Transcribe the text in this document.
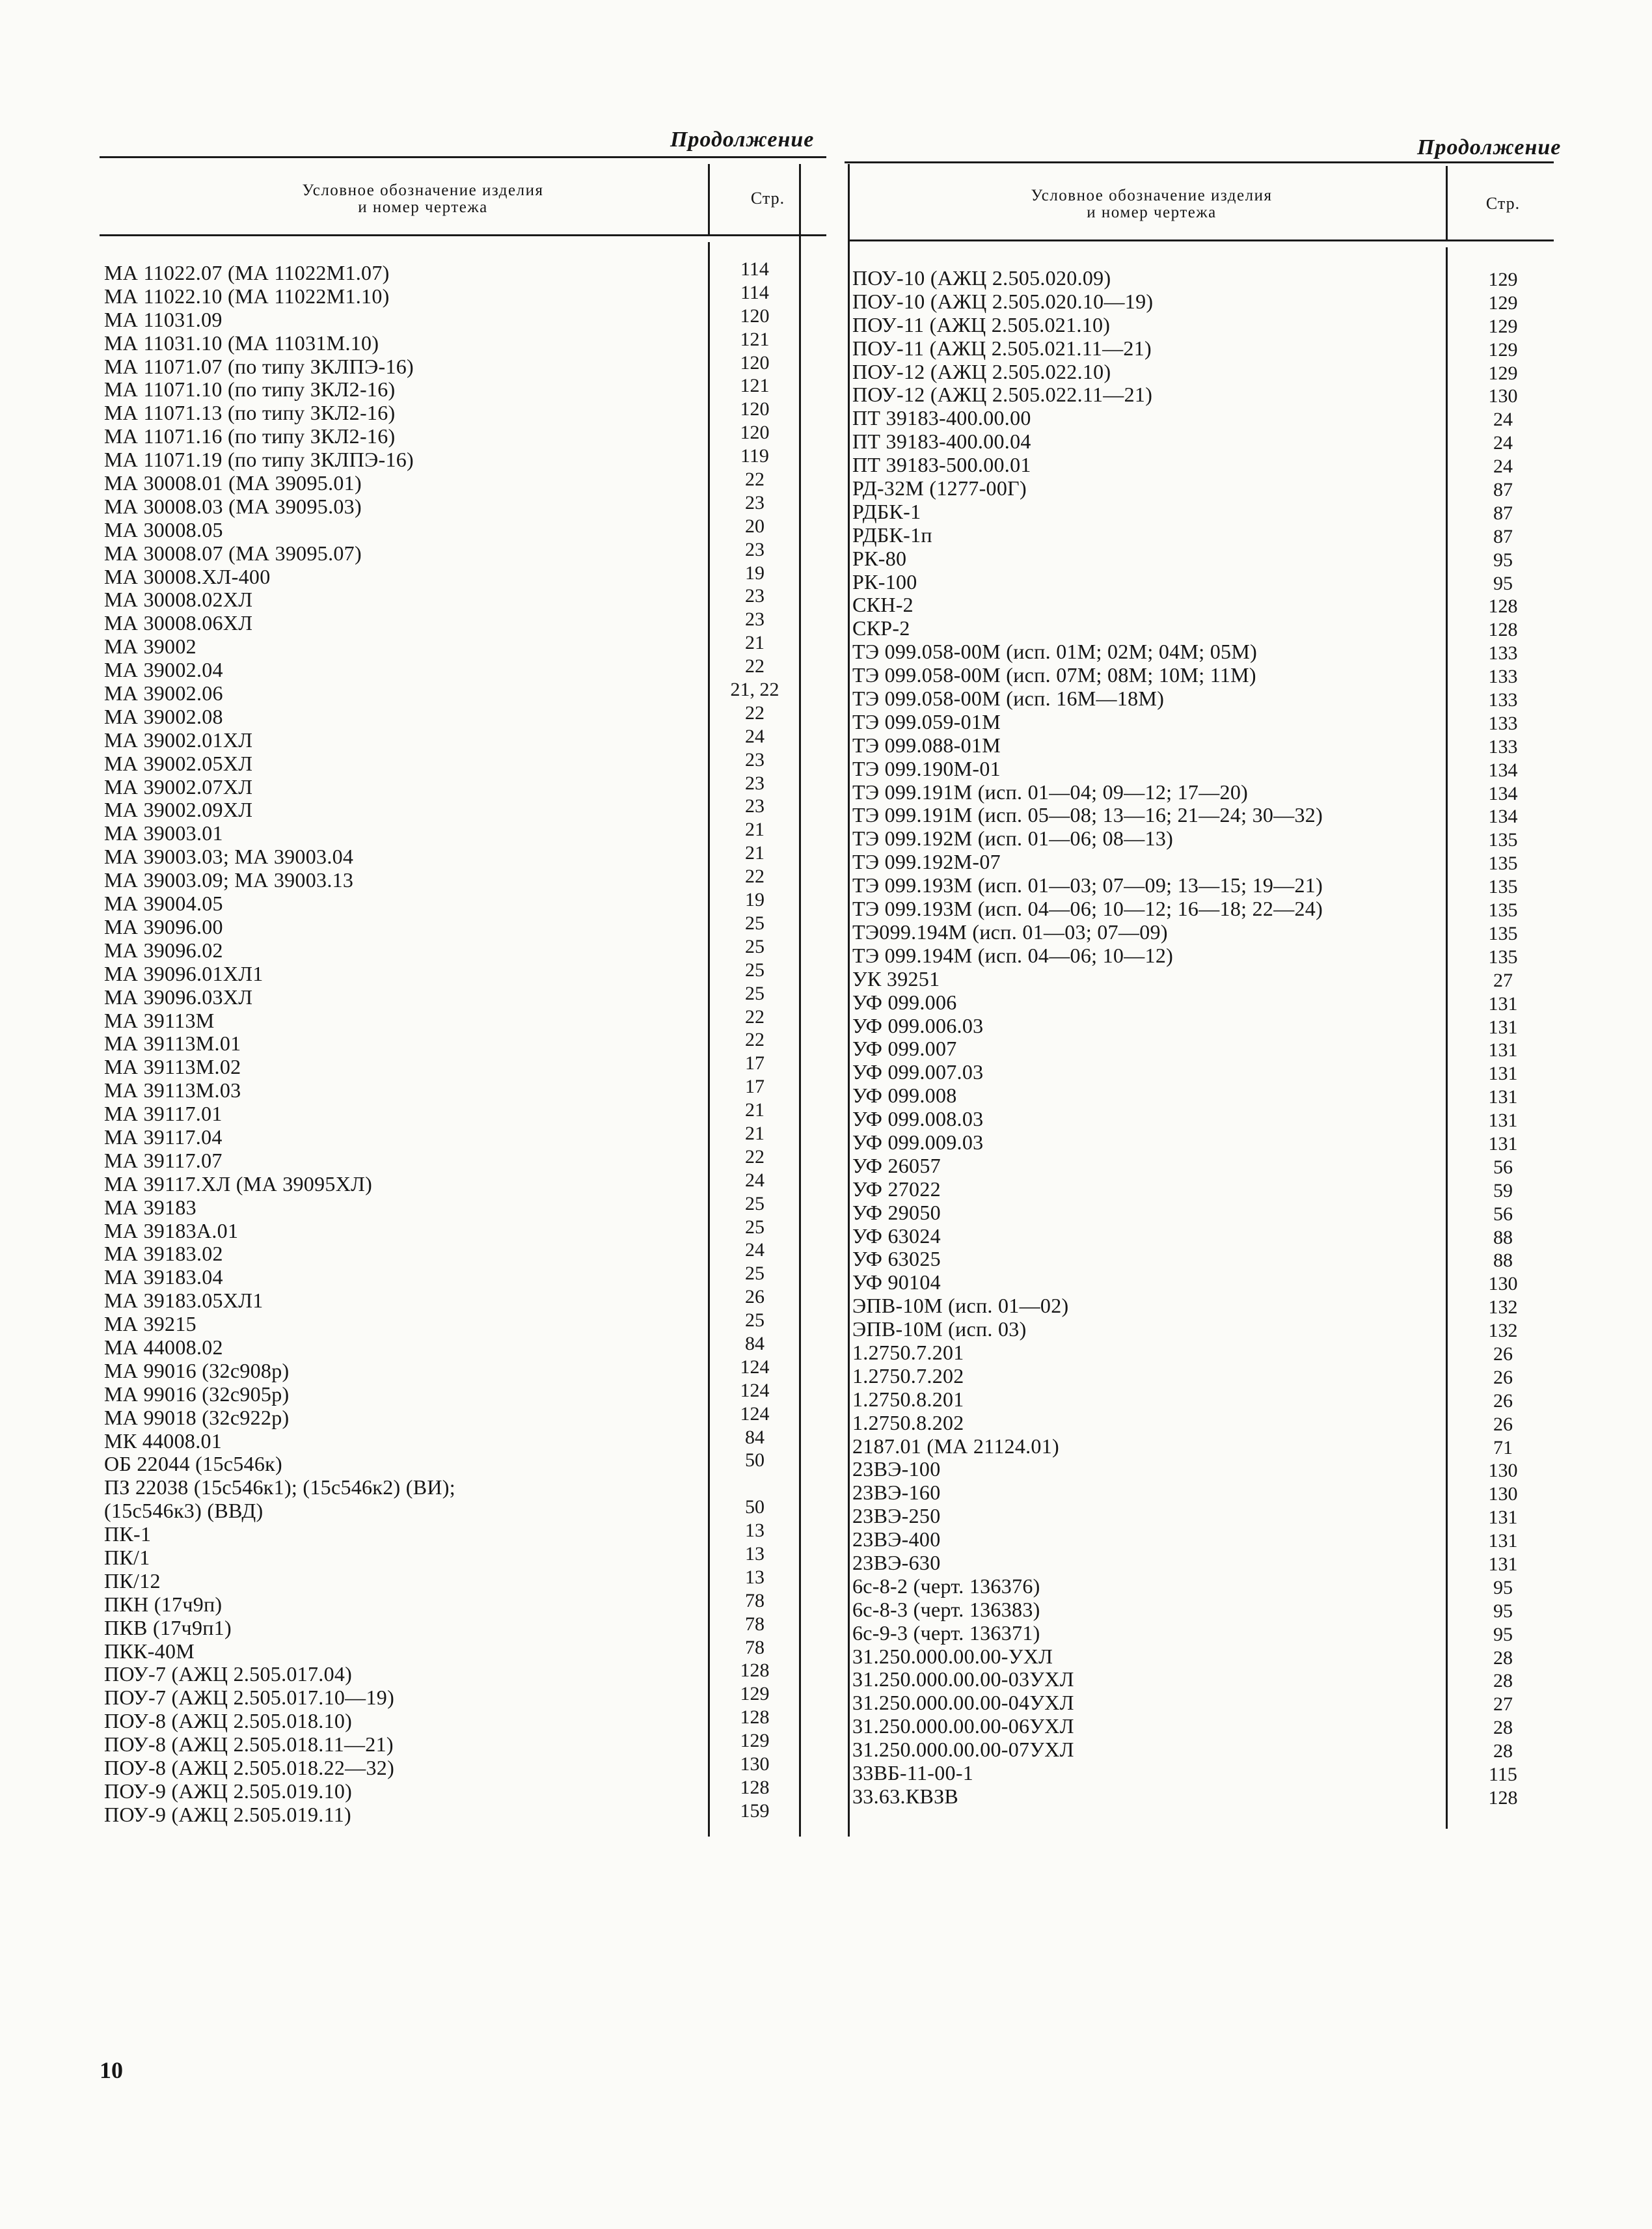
Продолжение
Условное обозначение изделия
и номер чертежа	Стр.
МА 11022.07 (МА 11022М1.07)
МА 11022.10 (МА 11022М1.10)
МА 11031.09
МА 11031.10 (МА 11031М.10)
МА 11071.07 (по типу ЗКЛПЭ-16)
МА 11071.10 (по типу ЗКЛ2-16)
МА 11071.13 (по типу ЗКЛ2-16)
МА 11071.16 (по типу ЗКЛ2-16)
МА 11071.19 (по типу ЗКЛПЭ-16)
МА 30008.01 (МА 39095.01)
МА 30008.03 (МА 39095.03)
МА 30008.05
МА 30008.07 (МА 39095.07)
МА 30008.ХЛ-400
МА 30008.02ХЛ
МА 30008.06ХЛ
МА 39002
МА 39002.04
МА 39002.06
МА 39002.08
МА 39002.01ХЛ
МА 39002.05ХЛ
МА 39002.07ХЛ
МА 39002.09ХЛ
МА 39003.01
МА 39003.03; МА 39003.04
МА 39003.09; МА 39003.13
МА 39004.05
МА 39096.00
МА 39096.02
МА 39096.01ХЛ1
МА 39096.03ХЛ
МА 39113М
МА 39113М.01
МА 39113М.02
МА 39113М.03
МА 39117.01
МА 39117.04
МА 39117.07
МА 39117.ХЛ (МА 39095ХЛ)
МА 39183
МА 39183А.01
МА 39183.02
МА 39183.04
МА 39183.05ХЛ1
МА 39215
МА 44008.02
МА 99016 (32с908р)
МА 99016 (32с905р)
МА 99018 (32с922р)
МК 44008.01
ОБ 22044 (15с546к)
ПЗ 22038 (15с546к1); (15с546к2) (ВИ);
(15с546к3) (ВВД)
ПК-1
ПК/1
ПК/12
ПКН (17ч9п)
ПКВ (17ч9п1)
ПКК-40М
ПОУ-7 (АЖЦ 2.505.017.04)
ПОУ-7 (АЖЦ 2.505.017.10—19)
ПОУ-8 (АЖЦ 2.505.018.10)
ПОУ-8 (АЖЦ 2.505.018.11—21)
ПОУ-8 (АЖЦ 2.505.018.22—32)
ПОУ-9 (АЖЦ 2.505.019.10)
ПОУ-9 (АЖЦ 2.505.019.11)
114
114
120
121
120
121
120
120
119
22
23
20
23
19
23
23
21
22
21, 22
22
24
23
23
23
21
21
22
19
25
25
25
25
22
22
17
17
21
21
22
24
25
25
24
25
26
25
84
124
124
124
84
50
50
13
13
13
78
78
78
128
129
128
129
130
128
159
Продолжение
Условное обозначение изделия
и номер чертежа	Стр.
ПОУ-10 (АЖЦ 2.505.020.09)
ПОУ-10 (АЖЦ 2.505.020.10—19)
ПОУ-11 (АЖЦ 2.505.021.10)
ПОУ-11 (АЖЦ 2.505.021.11—21)
ПОУ-12 (АЖЦ 2.505.022.10)
ПОУ-12 (АЖЦ 2.505.022.11—21)
ПТ 39183-400.00.00
ПТ 39183-400.00.04
ПТ 39183-500.00.01
РД-32М (1277-00Г)
РДБК-1
РДБК-1п
РК-80
РК-100
СКН-2
СКР-2
ТЭ 099.058-00М (исп. 01М; 02М; 04М; 05М)
ТЭ 099.058-00М (исп. 07М; 08М; 10М; 11М)
ТЭ 099.058-00М (исп. 16М—18М)
ТЭ 099.059-01М
ТЭ 099.088-01М
ТЭ 099.190М-01
ТЭ 099.191М (исп. 01—04; 09—12; 17—20)
ТЭ 099.191М (исп. 05—08; 13—16; 21—24; 30—32)
ТЭ 099.192М (исп. 01—06; 08—13)
ТЭ 099.192М-07
ТЭ 099.193М (исп. 01—03; 07—09; 13—15; 19—21)
ТЭ 099.193М (исп. 04—06; 10—12; 16—18; 22—24)
ТЭ099.194М (исп. 01—03; 07—09)
ТЭ 099.194М (исп. 04—06; 10—12)
УК 39251
УФ 099.006
УФ 099.006.03
УФ 099.007
УФ 099.007.03
УФ 099.008
УФ 099.008.03
УФ 099.009.03
УФ 26057
УФ 27022
УФ 29050
УФ 63024
УФ 63025
УФ 90104
ЭПВ-10М (исп. 01—02)
ЭПВ-10М (исп. 03)
1.2750.7.201
1.2750.7.202
1.2750.8.201
1.2750.8.202
2187.01 (МА 21124.01)
23ВЭ-100
23ВЭ-160
23ВЭ-250
23ВЭ-400
23ВЭ-630
6с-8-2 (черт. 136376)
6с-8-3 (черт. 136383)
6с-9-3 (черт. 136371)
31.250.000.00.00-УХЛ
31.250.000.00.00-03УХЛ
31.250.000.00.00-04УХЛ
31.250.000.00.00-06УХЛ
31.250.000.00.00-07УХЛ
33ВБ-11-00-1
33.63.КВЗВ
129
129
129
129
129
130
24
24
24
87
87
87
95
95
128
128
133
133
133
133
133
134
134
134
135
135
135
135
135
135
27
131
131
131
131
131
131
131
56
59
56
88
88
130
132
132
26
26
26
26
71
130
130
131
131
131
95
95
95
28
28
27
28
28
115
128
10
